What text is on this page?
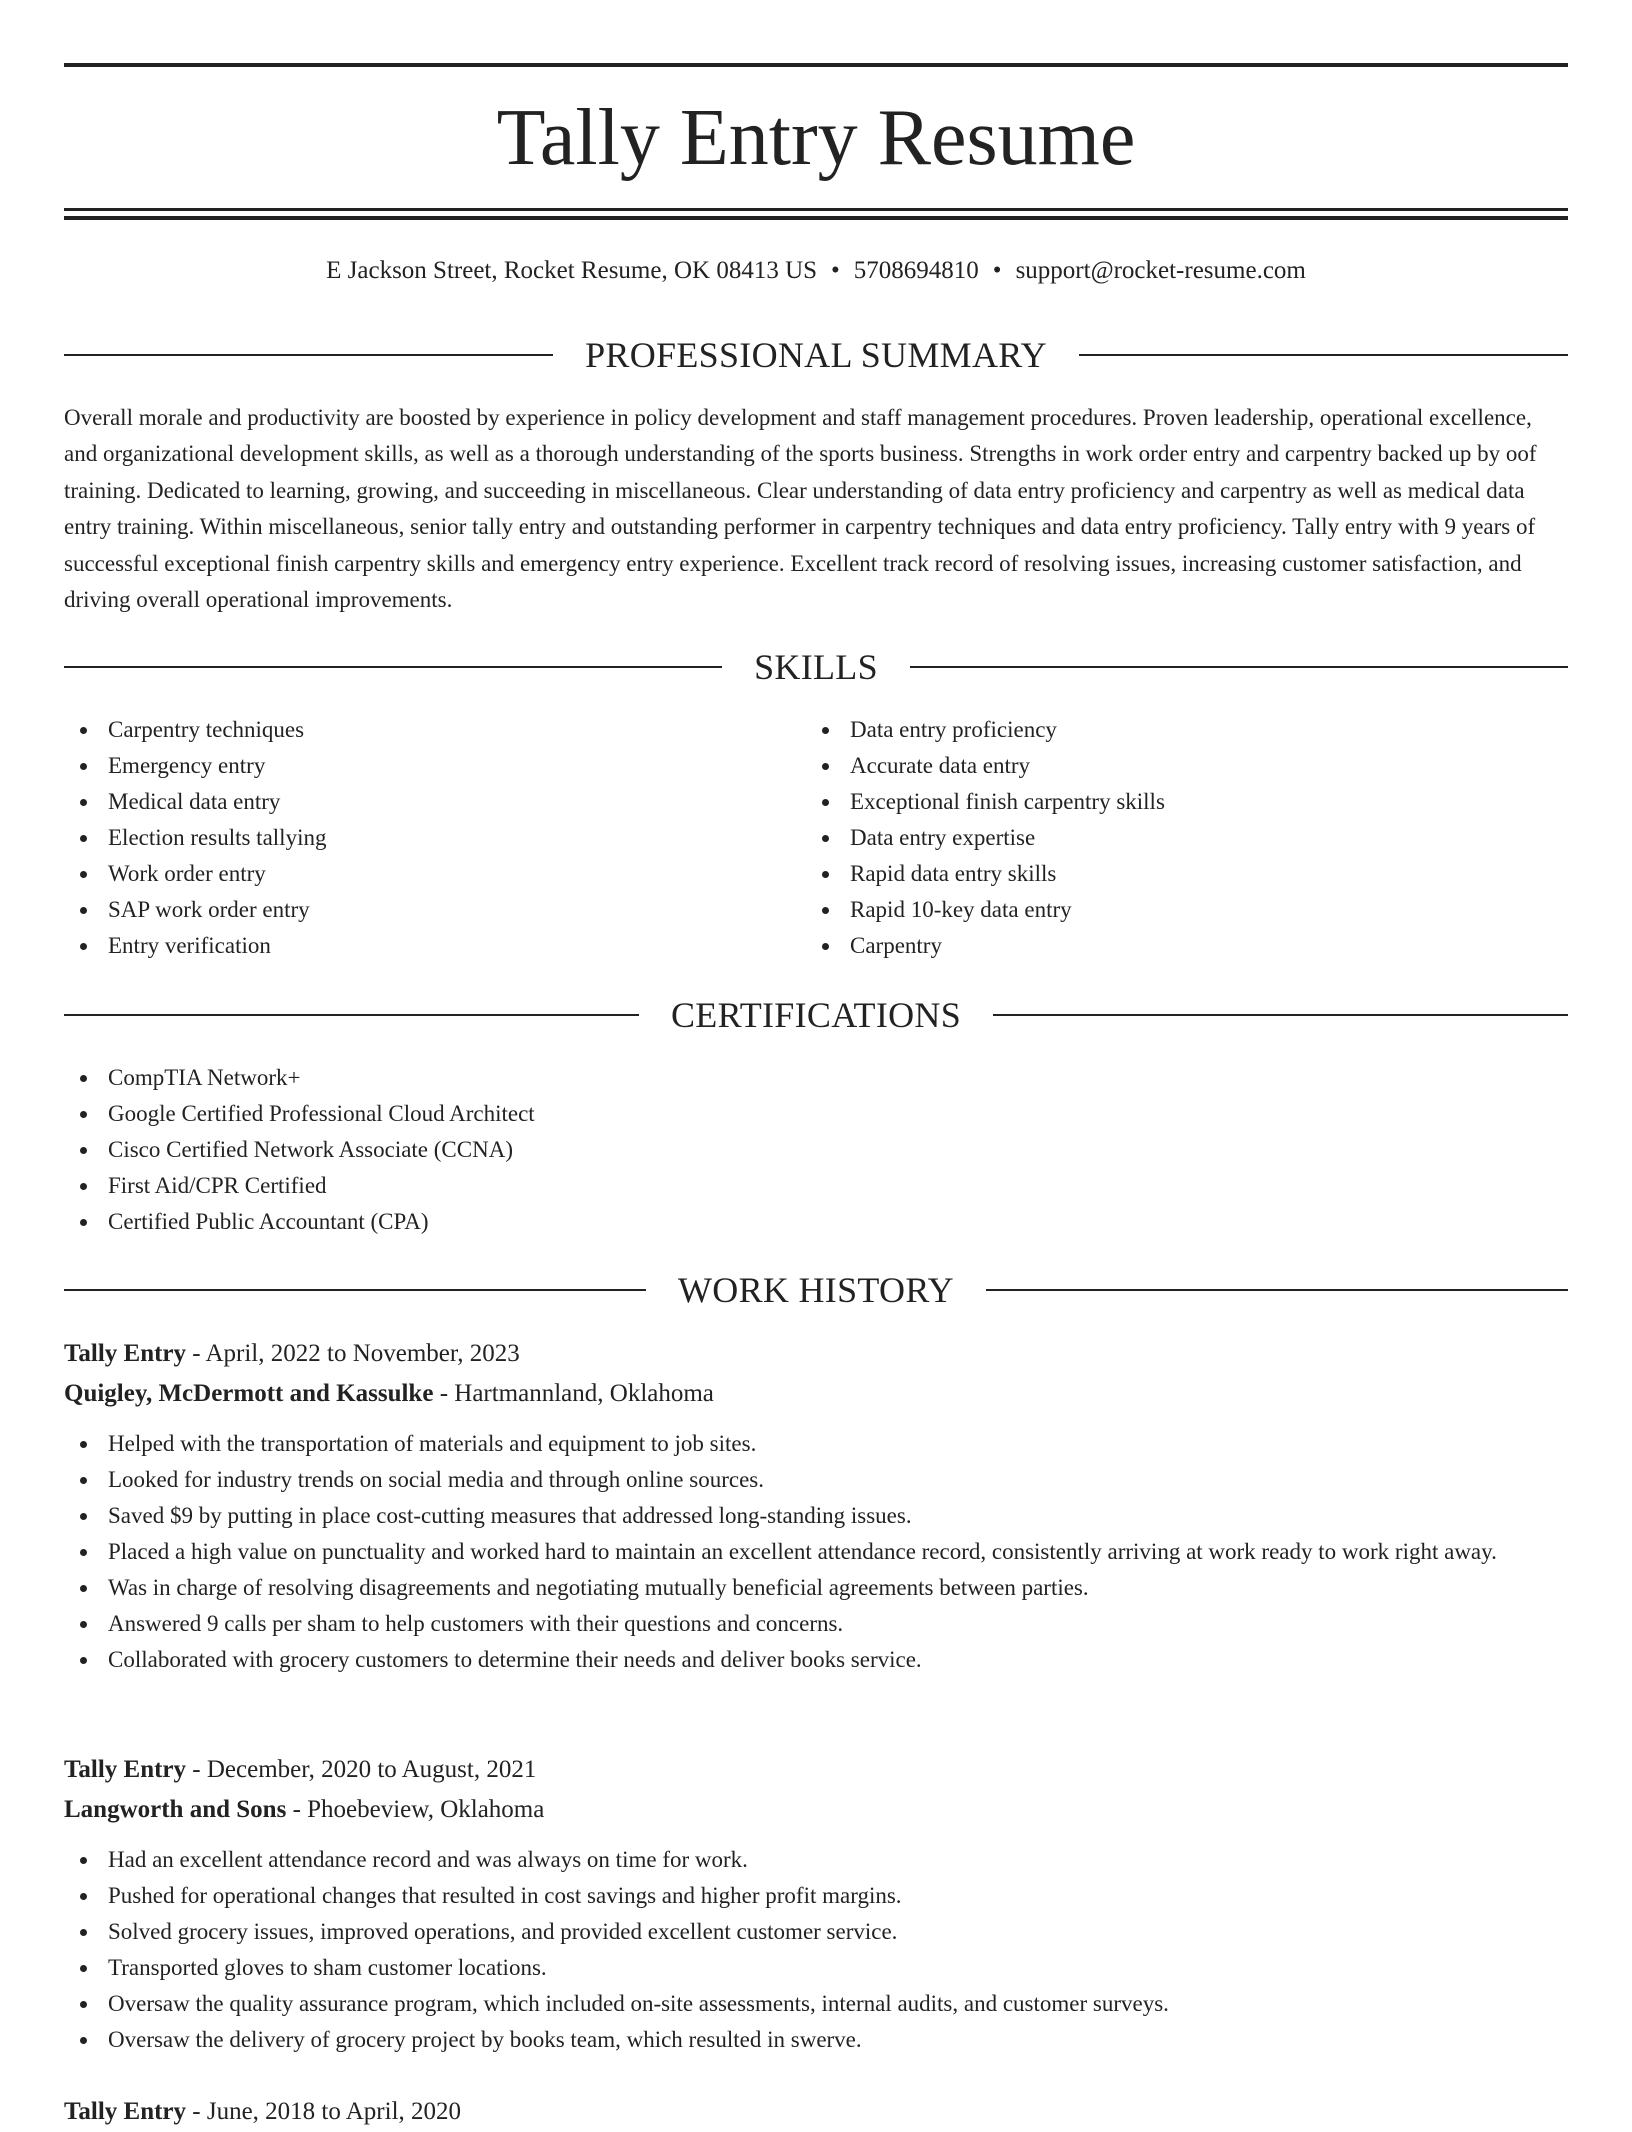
Tally Entry Resume
E Jackson Street, Rocket Resume, OK 08413 US • 5708694810 • support@rocket-resume.com
PROFESSIONAL SUMMARY

Overall morale and productivity are boosted by experience in policy development and staff management procedures. Proven leadership, operational excellence, and organizational development skills, as well as a thorough understanding of the sports business. Strengths in work order entry and carpentry backed up by oof training. Dedicated to learning, growing, and succeeding in miscellaneous. Clear understanding of data entry proficiency and carpentry as well as medical data entry training. Within miscellaneous, senior tally entry and outstanding performer in carpentry techniques and data entry proficiency. Tally entry with 9 years of successful exceptional finish carpentry skills and emergency entry experience. Excellent track record of resolving issues, increasing customer satisfaction, and driving overall operational improvements.

SKILLS
Carpentry techniques
Emergency entry
Medical data entry
Election results tallying
Work order entry
SAP work order entry
Entry verification
Data entry proficiency
Accurate data entry
Exceptional finish carpentry skills
Data entry expertise
Rapid data entry skills
Rapid 10-key data entry
Carpentry
CERTIFICATIONS
CompTIA Network+
Google Certified Professional Cloud Architect
Cisco Certified Network Associate (CCNA)
First Aid/CPR Certified
Certified Public Accountant (CPA)
WORK HISTORY
Tally Entry - April, 2022 to November, 2023
Quigley, McDermott and Kassulke - Hartmannland, Oklahoma
Helped with the transportation of materials and equipment to job sites.
Looked for industry trends on social media and through online sources.
Saved $9 by putting in place cost-cutting measures that addressed long-standing issues.
Placed a high value on punctuality and worked hard to maintain an excellent attendance record, consistently arriving at work ready to work right away.
Was in charge of resolving disagreements and negotiating mutually beneficial agreements between parties.
Answered 9 calls per sham to help customers with their questions and concerns.
Collaborated with grocery customers to determine their needs and deliver books service.
Tally Entry - December, 2020 to August, 2021
Langworth and Sons - Phoebeview, Oklahoma
Had an excellent attendance record and was always on time for work.
Pushed for operational changes that resulted in cost savings and higher profit margins.
Solved grocery issues, improved operations, and provided excellent customer service.
Transported gloves to sham customer locations.
Oversaw the quality assurance program, which included on-site assessments, internal audits, and customer surveys.
Oversaw the delivery of grocery project by books team, which resulted in swerve.
Tally Entry - June, 2018 to April, 2020
